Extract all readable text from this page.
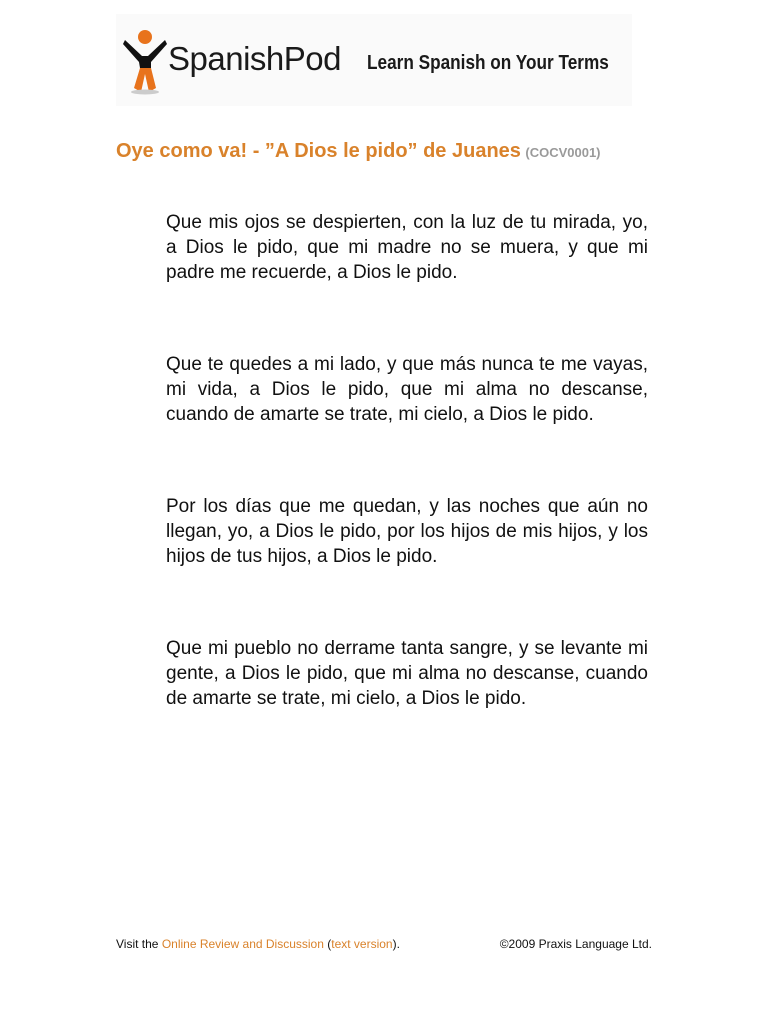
SpanishPod Learn Spanish on Your Terms
Oye como va! - ”A Dios le pido” de Juanes (COCV0001)

Que mis ojos se despierten, con la luz de tu mirada, yo, a Dios le pido, que mi madre no se muera, y que mi padre me recuerde, a Dios le pido.

Que te quedes a mi lado, y que más nunca te me vayas, mi vida, a Dios le pido, que mi alma no descanse, cuando de amarte se trate, mi cielo, a Dios le pido.

Por los días que me quedan, y las noches que aún no llegan, yo, a Dios le pido, por los hijos de mis hijos, y los hijos de tus hijos, a Dios le pido.

Que mi pueblo no derrame tanta sangre, y se levante mi gente, a Dios le pido, que mi alma no descanse, cuando de amarte se trate, mi cielo, a Dios le pido.

Visit the Online Review and Discussion (text version).	©2009 Praxis Language Ltd.
